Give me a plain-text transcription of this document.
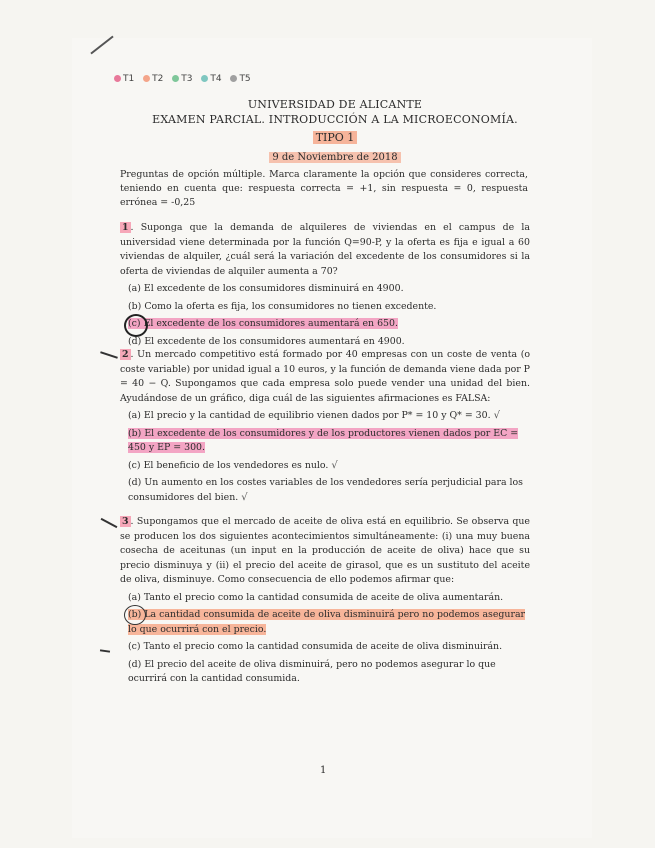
T1 T2 T3 T4 T5
UNIVERSIDAD DE ALICANTE
EXAMEN PARCIAL. INTRODUCCIÓN A LA MICROECONOMÍA.
TIPO 1
9 de Noviembre de 2018
Preguntas de opción múltiple. Marca claramente la opción que consideres correcta, teniendo en cuenta que: respuesta correcta = +1, sin respuesta = 0, respuesta errónea = -0,25
1 . Suponga que la demanda de alquileres de viviendas en el campus de la universidad viene determinada por la función Q=90-P, y la oferta es fija e igual a 60 viviendas de alquiler, ¿cuál será la variación del excedente de los consumidores si la oferta de viviendas de alquiler aumenta a 70?
(a) El excedente de los consumidores disminuirá en 4900.
(b) Como la oferta es fija, los consumidores no tienen excedente.
(c) El excedente de los consumidores aumentará en 650.
(d) El excedente de los consumidores aumentará en 4900.
2 . Un mercado competitivo está formado por 40 empresas con un coste de venta (o coste variable) por unidad igual a 10 euros, y la función de demanda viene dada por P = 40 − Q. Supongamos que cada empresa solo puede vender una unidad del bien. Ayudándose de un gráfico, diga cuál de las siguientes afirmaciones es FALSA:
(a) El precio y la cantidad de equilibrio vienen dados por P* = 10 y Q* = 30. √
(b) El excedente de los consumidores y de los productores vienen dados por EC = 450 y EP = 300.
(c) El beneficio de los vendedores es nulo. √
(d) Un aumento en los costes variables de los vendedores sería perjudicial para los consumidores del bien. √
3 . Supongamos que el mercado de aceite de oliva está en equilibrio. Se observa que se producen los dos siguientes acontecimientos simultáneamente: (i) una muy buena cosecha de aceitunas (un input en la producción de aceite de oliva) hace que su precio disminuya y (ii) el precio del aceite de girasol, que es un sustituto del aceite de oliva, disminuye. Como consecuencia de ello podemos afirmar que:
(a) Tanto el precio como la cantidad consumida de aceite de oliva aumentarán.
(b) La cantidad consumida de aceite de oliva disminuirá pero no podemos asegurar lo que ocurrirá con el precio.
(c) Tanto el precio como la cantidad consumida de aceite de oliva disminuirán.
(d) El precio del aceite de oliva disminuirá, pero no podemos asegurar lo que ocurrirá con la cantidad consumida.
1
